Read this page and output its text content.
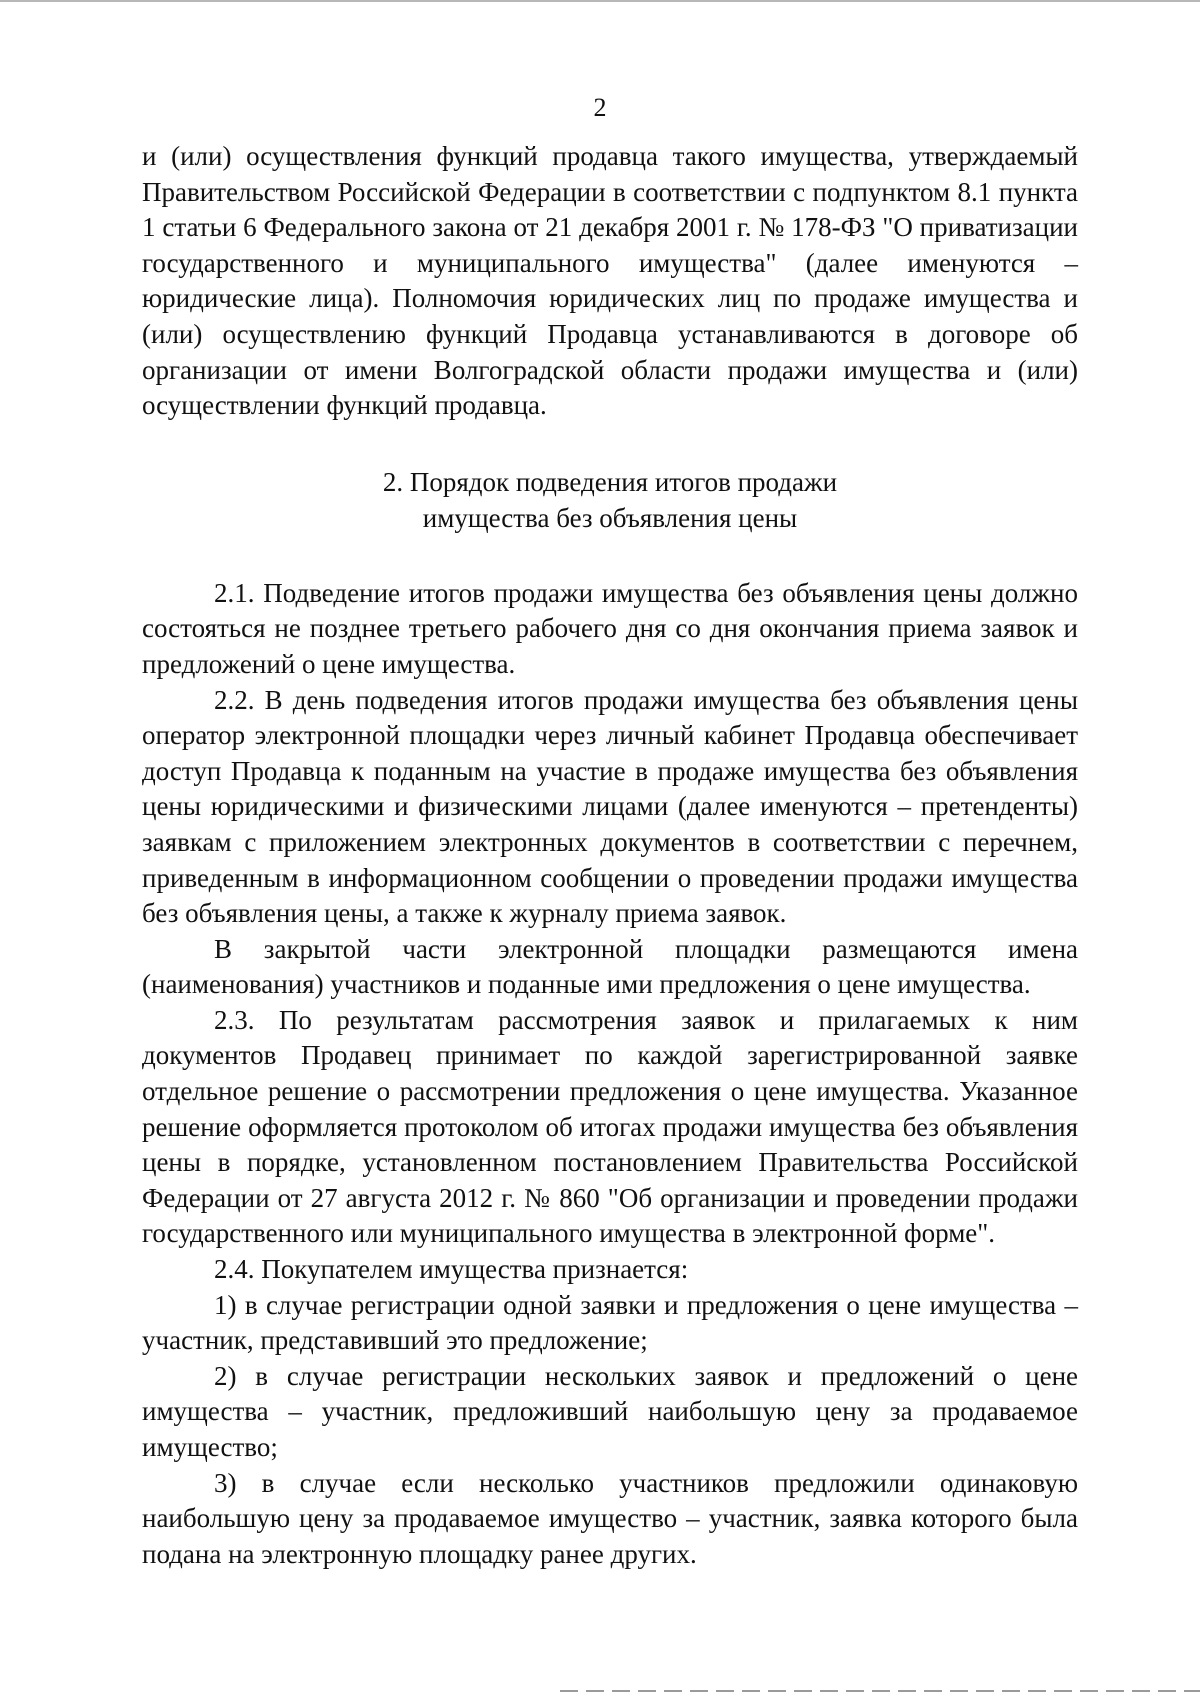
2

и (или) осуществления функций продавца такого имущества, утверждаемый Правительством Российской Федерации в соответствии с подпунктом 8.1 пункта 1 статьи 6 Федерального закона от 21 декабря 2001 г. № 178-ФЗ "О приватизации государственного и муниципального имущества" (далее именуются – юридические лица). Полномочия юридических лиц по продаже имущества и (или) осуществлению функций Продавца устанавливаются в договоре об организации от имени Волгоградской области продажи имущества и (или) осуществлении функций продавца.

2. Порядок подведения итогов продажи
имущества без объявления цены

2.1. Подведение итогов продажи имущества без объявления цены должно состояться не позднее третьего рабочего дня со дня окончания приема заявок и предложений о цене имущества.

2.2. В день подведения итогов продажи имущества без объявления цены оператор электронной площадки через личный кабинет Продавца обеспечивает доступ Продавца к поданным на участие в продаже имущества без объявления цены юридическими и физическими лицами (далее именуются – претенденты) заявкам с приложением электронных документов в соответствии с перечнем, приведенным в информационном сообщении о проведении продажи имущества без объявления цены, а также к журналу приема заявок.

В закрытой части электронной площадки размещаются имена (наименования) участников и поданные ими предложения о цене имущества.

2.3. По результатам рассмотрения заявок и прилагаемых к ним документов Продавец принимает по каждой зарегистрированной заявке отдельное решение о рассмотрении предложения о цене имущества. Указанное решение оформляется протоколом об итогах продажи имущества без объявления цены в порядке, установленном постановлением Правительства Российской Федерации от 27 августа 2012 г. № 860 "Об организации и проведении продажи государственного или муниципального имущества в электронной форме".

2.4. Покупателем имущества признается:

1) в случае регистрации одной заявки и предложения о цене имущества – участник, представивший это предложение;

2) в случае регистрации нескольких заявок и предложений о цене имущества – участник, предложивший наибольшую цену за продаваемое имущество;

3) в случае если несколько участников предложили одинаковую наибольшую цену за продаваемое имущество – участник, заявка которого была подана на электронную площадку ранее других.
